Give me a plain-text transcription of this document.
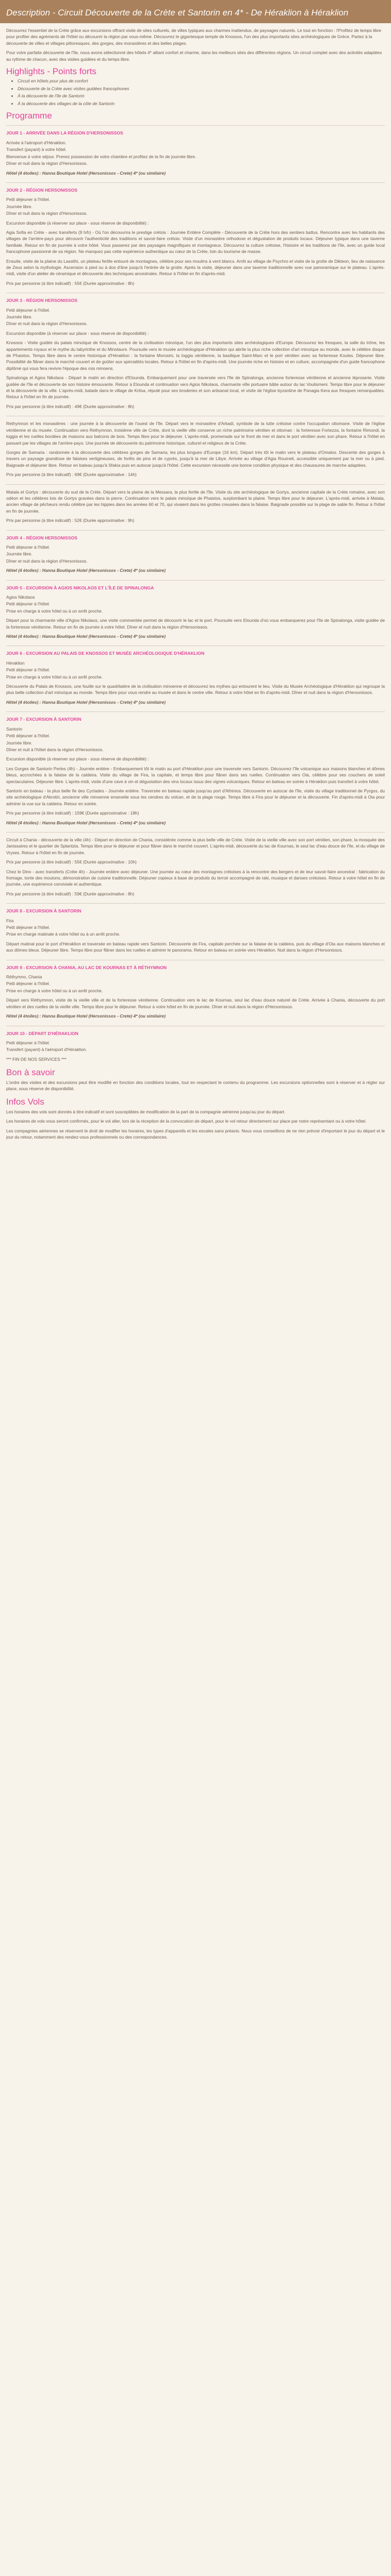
Description - Circuit Découverte de la Crète et Santorin en 4* - De Héraklion à Héraklion

Découvrez l'essentiel de la Crète grâce aux excursions offrant visite de sites culturels, de villes typiques aux charmes inattendus, de paysages naturels. Le tout en fonction : l'Profitez de temps libre pour profiter des agréments de l'hôtel ou découvrir la région par vous-même. Découvrez le gigantesque temple de Knossos, l'un des plus importants sites archéologiques de Grèce. Partez à la découverte de villes et villages pittoresques, des gorges, des monastères et des belles plages.

Pour votre parfaite découverte de l'île, nous avons sélectionné des hôtels 4* alliant confort et charme, dans les meilleurs sites des différentes régions. Un circuit complet avec des activités adaptées au rythme de chacun, avec des visites guidées et du temps libre.

Highlights - Points forts
• Circuit en hôtels pour plus de confort
• Découverte de la Crète avec visites guidées francophones
• À la découverte de l'île de Santorin
• À la découverte des villages de la côte de Santorin
Programme
JOUR 1 - ARRIVÉE DANS LA RÉGION D'HERSONISSOS
Arrivée à l'aéroport d'Héraklion.
Transfert (payant) à votre hôtel.
Bienvenue à votre séjour. Prenez possession de votre chambre et profitez de la fin de journée libre.
Dîner et nuit dans la région d'Hersonissos.
Hôtel (4 étoiles) : Hanna Boutique Hotel (Hersonissos - Crete) 4* (ou similaire)
JOUR 2 - RÉGION HERSONISSOS
Petit déjeuner à l'hôtel.
Journée libre.
Dîner et nuit dans la région d'Hersonissos.

Excursion disponible (à réserver sur place - sous réserve de disponibilité) :

Agia Sofia en Crète - avec transferts (9 h/h) - Où l'on découvrira le prestige crétois : Journée Entière Complète - Découverte de la Crète hors des sentiers battus. Rencontre avec les habitants des villages de l'arrière-pays pour découvrir l'authenticité des traditions et savoir-faire crétois. Visite d'un monastère orthodoxe et dégustation de produits locaux. Déjeuner typique dans une taverne familiale. Retour en fin de journée à votre hôtel. Vous passerez par des paysages magnifiques et montagneux. Découvrez la culture crétoise, l'histoire et les traditions de l'île, avec un guide local francophone passionné de sa région. Ne manquez pas cette expérience authentique au cœur de la Crète, loin du tourisme de masse.

Ensuite, visite de la plaine du Lassithi, un plateau fertile entouré de montagnes, célèbre pour ses moulins à vent blancs. Arrêt au village de Psychro et visite de la grotte de Dikteon, lieu de naissance de Zeus selon la mythologie. Ascension à pied ou à dos d'âne jusqu'à l'entrée de la grotte. Après la visite, déjeuner dans une taverne traditionnelle avec vue panoramique sur le plateau. L'après-midi, visite d'un atelier de céramique et découverte des techniques ancestrales. Retour à l'hôtel en fin d'après-midi.

Prix par personne (à titre indicatif) : 55€ (Durée approximative : 8h)

JOUR 3 - RÉGION HERSONISSOS
Petit déjeuner à l'hôtel.
Journée libre.
Dîner et nuit dans la région d'Hersonissos.

Excursion disponible (à réserver sur place - sous réserve de disponibilité) :

Knossos - Visite guidée du palais minoïque de Knossos, centre de la civilisation minoïque, l'un des plus importants sites archéologiques d'Europe. Découvrez les fresques, la salle du trône, les appartements royaux et le mythe du labyrinthe et du Minotaure. Poursuite vers le musée archéologique d'Héraklion qui abrite la plus riche collection d'art minoïque au monde, avec le célèbre disque de Phaistos. Temps libre dans le centre historique d'Héraklion : la fontaine Morosini, la loggia vénitienne, la basilique Saint-Marc et le port vénitien avec sa forteresse Koules. Déjeuner libre. Possibilité de flâner dans le marché couvert et de goûter aux spécialités locales. Retour à l'hôtel en fin d'après-midi. Une journée riche en histoire et en culture, accompagnée d'un guide francophone diplômé qui vous fera revivre l'époque des rois minoens.

Spinalonga et Agios Nikolaos - Départ le matin en direction d'Elounda. Embarquement pour une traversée vers l'île de Spinalonga, ancienne forteresse vénitienne et ancienne léproserie. Visite guidée de l'île et découverte de son histoire émouvante. Retour à Elounda et continuation vers Agios Nikolaos, charmante ville portuaire bâtie autour du lac Voulismeni. Temps libre pour le déjeuner et la découverte de la ville. L'après-midi, balade dans le village de Kritsa, réputé pour ses broderies et son artisanat local, et visite de l'église byzantine de Panagia Kera aux fresques remarquables. Retour à l'hôtel en fin de journée.

Prix par personne (à titre indicatif) : 49€ (Durée approximative : 8h)

Rethymnon et les monastères : une journée à la découverte de l'ouest de l'île. Départ vers le monastère d'Arkadi, symbole de la lutte crétoise contre l'occupation ottomane. Visite de l'église vénitienne et du musée. Continuation vers Rethymnon, troisième ville de Crète, dont la vieille ville conserve un riche patrimoine vénitien et ottoman : la forteresse Fortezza, la fontaine Rimondi, la loggia et les ruelles bordées de maisons aux balcons de bois. Temps libre pour le déjeuner. L'après-midi, promenade sur le front de mer et dans le port vénitien avec son phare. Retour à l'hôtel en passant par les villages de l'arrière-pays. Une journée de découverte du patrimoine historique, culturel et religieux de la Crète.

Gorges de Samaria : randonnée à la découverte des célèbres gorges de Samaria, les plus longues d'Europe (16 km). Départ très tôt le matin vers le plateau d'Omalos. Descente des gorges à travers un paysage grandiose de falaises vertigineuses, de forêts de pins et de cyprès, jusqu'à la mer de Libye. Arrivée au village d'Agia Roumeli, accessible uniquement par la mer ou à pied. Baignade et déjeuner libre. Retour en bateau jusqu'à Sfakia puis en autocar jusqu'à l'hôtel. Cette excursion nécessite une bonne condition physique et des chaussures de marche adaptées.

Prix par personne (à titre indicatif) : 69€ (Durée approximative : 14h)

Matala et Gortys : découverte du sud de la Crète. Départ vers la plaine de la Messara, la plus fertile de l'île. Visite du site archéologique de Gortys, ancienne capitale de la Crète romaine, avec son odéon et les célèbres lois de Gortys gravées dans la pierre. Continuation vers le palais minoïque de Phaistos, surplombant la plaine. Temps libre pour le déjeuner. L'après-midi, arrivée à Matala, ancien village de pêcheurs rendu célèbre par les hippies dans les années 60 et 70, qui vivaient dans les grottes creusées dans la falaise. Baignade possible sur la plage de sable fin. Retour à l'hôtel en fin de journée.

Prix par personne (à titre indicatif) : 52€ (Durée approximative : 9h)

JOUR 4 - RÉGION HERSONISSOS
Petit déjeuner à l'hôtel.
Journée libre.
Dîner et nuit dans la région d'Hersonissos.
Hôtel (4 étoiles) : Hanna Boutique Hotel (Hersonissos - Crete) 4* (ou similaire)
JOUR 5 - EXCURSION À AGIOS NIKOLAOS ET L'ÎLE DE SPINALONGA
Agios Nikolaos
Petit déjeuner à l'hôtel.
Prise en charge à votre hôtel ou à un arrêt proche.

Départ pour la charmante ville d'Agios Nikolaos, une visite commentée permet de découvrir le lac et le port. Poursuite vers Elounda d'où vous embarquerez pour l'île de Spinalonga, visite guidée de la forteresse vénitienne. Retour en fin de journée à votre hôtel. Dîner et nuit dans la région d'Hersonissos.

Hôtel (4 étoiles) : Hanna Boutique Hotel (Hersonissos - Crete) 4* (ou similaire)
JOUR 6 - EXCURSION AU PALAIS DE KNOSSOS ET MUSÉE ARCHÉOLOGIQUE D'HÉRAKLION
Héraklion
Petit déjeuner à l'hôtel.
Prise en charge à votre hôtel ou à un arrêt proche.

Découverte du Palais de Knossos, une fouille sur le quadrilatère de la civilisation minoenne et découvrez les mythes qui entourent le lieu. Visite du Musée Archéologique d'Héraklion qui regroupe la plus belle collection d'art minoïque au monde. Temps libre pour vous rendre au musée et dans le centre ville. Retour à votre hôtel en fin d'après-midi. Dîner et nuit dans la région d'Hersonissos.

Hôtel (4 étoiles) : Hanna Boutique Hotel (Hersonissos - Crete) 4* (ou similaire)
JOUR 7 - EXCURSION À SANTORIN
Santorin
Petit déjeuner à l'hôtel.
Journée libre.
Dîner et nuit à l'hôtel dans la région d'Hersonissos.

Excursion disponible (à réserver sur place - sous réserve de disponibilité) :

Les Gorges de Santorin Perles (4h) - Journée entière - Embarquement tôt le matin au port d'Héraklion pour une traversée vers Santorin. Découvrez l'île volcanique aux maisons blanches et dômes bleus, accrochées à la falaise de la caldeira. Visite du village de Fira, la capitale, et temps libre pour flâner dans ses ruelles. Continuation vers Oia, célèbre pour ses couchers de soleil spectaculaires. Déjeuner libre. L'après-midi, visite d'une cave à vin et dégustation des vins locaux issus des vignes volcaniques. Retour en bateau en soirée à Héraklion puis transfert à votre hôtel.

Santorin en bateau - la plus belle île des Cyclades - Journée entière. Traversée en bateau rapide jusqu'au port d'Athinios. Découverte en autocar de l'île, visite du village traditionnel de Pyrgos, du site archéologique d'Akrotiri, ancienne ville minoenne ensevelie sous les cendres du volcan, et de la plage rouge. Temps libre à Fira pour le déjeuner et la découverte. Fin d'après-midi à Oia pour admirer la vue sur la caldeira. Retour en soirée.

Prix par personne (à titre indicatif) : 159€ (Durée approximative : 18h)

Hôtel (4 étoiles) : Hanna Boutique Hotel (Hersonissos - Crete) 4* (ou similaire)

Circuit à Chania - découverte de la ville (4h) - Départ en direction de Chania, considérée comme la plus belle ville de Crète. Visite de la vieille ville avec son port vénitien, son phare, la mosquée des Janissaires et le quartier de Splantzia. Temps libre pour le déjeuner et pour flâner dans le marché couvert. L'après-midi, découverte du lac de Kournas, le seul lac d'eau douce de l'île, et du village de Vryses. Retour à l'hôtel en fin de journée.

Prix par personne (à titre indicatif) : 55€ (Durée approximative : 10h)

Chez le Dino - avec transferts (Crète 4h) - Journée entière avec déjeuner. Une journée au cœur des montagnes crétoises à la rencontre des bergers et de leur savoir-faire ancestral : fabrication du fromage, tonte des moutons, démonstration de cuisine traditionnelle. Déjeuner copieux à base de produits du terroir accompagné de raki, musique et danses crétoises. Retour à votre hôtel en fin de journée, une expérience conviviale et authentique.

Prix par personne (à titre indicatif) : 59€ (Durée approximative : 8h)

JOUR 8 - EXCURSION À SANTORIN
Fira
Petit déjeuner à l'hôtel.
Prise en charge matinale à votre hôtel ou à un arrêt proche.

Départ matinal pour le port d'Héraklion et traversée en bateau rapide vers Santorin. Découverte de Fira, capitale perchée sur la falaise de la caldeira, puis du village d'Oia aux maisons blanches et aux dômes bleus. Déjeuner libre. Temps libre pour flâner dans les ruelles et admirer le panorama. Retour en bateau en soirée vers Héraklion. Nuit dans la région d'Hersonissos.

JOUR 9 - EXCURSION À CHANIA, AU LAC DE KOURNAS ET À RÉTHYMNON
Réthymno, Chania
Petit déjeuner à l'hôtel.
Prise en charge à votre hôtel ou à un arrêt proche.

Départ vers Réthymnon, visite de la vieille ville et de la forteresse vénitienne. Continuation vers le lac de Kournas, seul lac d'eau douce naturel de Crète. Arrivée à Chania, découverte du port vénitien et des ruelles de la vieille ville. Temps libre pour le déjeuner. Retour à votre hôtel en fin de journée. Dîner et nuit dans la région d'Hersonissos.

Hôtel (4 étoiles) : Hanna Boutique Hotel (Hersonissos - Crete) 4* (ou similaire)
JOUR 10 - DÉPART D'HÉRAKLION
Petit déjeuner à l'hôtel.
Transfert (payant) à l'aéroport d'Héraklion.

*** FIN DE NOS SERVICES ***

Bon à savoir

L'ordre des visites et des excursions peut être modifié en fonction des conditions locales, tout en respectant le contenu du programme. Les excursions optionnelles sont à réserver et à régler sur place, sous réserve de disponibilité.

Infos Vols

Les horaires des vols sont donnés à titre indicatif et sont susceptibles de modification de la part de la compagnie aérienne jusqu'au jour du départ.

Les horaires de vols vous seront confirmés, pour le vol aller, lors de la réception de la convocation de départ, pour le vol retour directement sur place par notre représentant ou à votre hôtel.

Les compagnies aériennes se réservent le droit de modifier les horaires, les types d'appareils et les escales sans préavis. Nous vous conseillons de ne rien prévoir d'important le jour du départ et le jour du retour, notamment des rendez-vous professionnels ou des correspondances.
